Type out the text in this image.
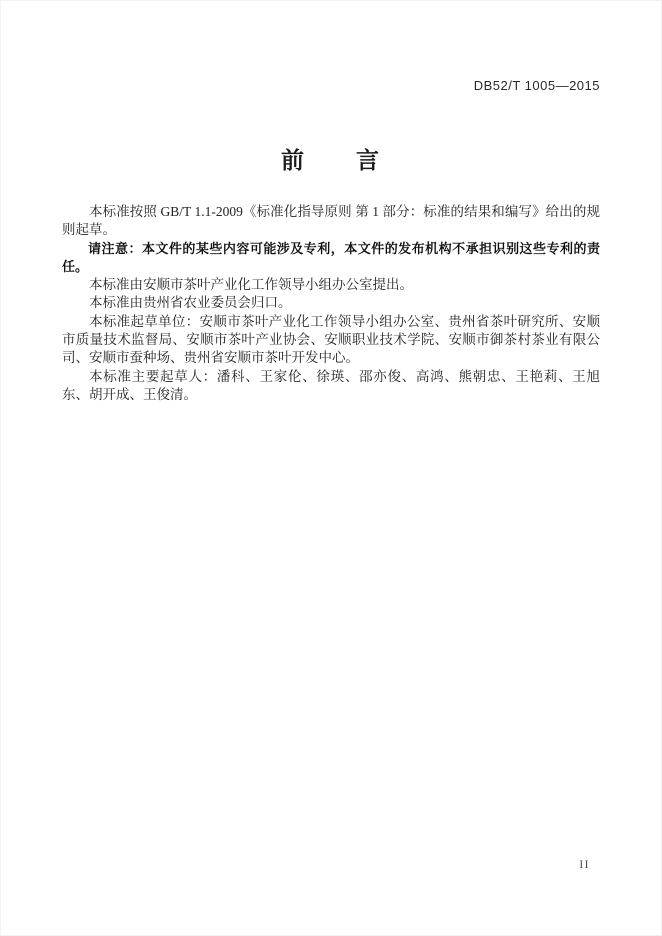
DB52/T 1005—2015
前　　言

本标准按照 GB/T 1.1-2009《标准化指导原则 第 1 部分：标准的结果和编写》给出的规则起草。

请注意：本文件的某些内容可能涉及专利，本文件的发布机构不承担识别这些专利的责任。

本标准由安顺市茶叶产业化工作领导小组办公室提出。

本标准由贵州省农业委员会归口。

本标准起草单位：安顺市茶叶产业化工作领导小组办公室、贵州省茶叶研究所、安顺市质量技术监督局、安顺市茶叶产业协会、安顺职业技术学院、安顺市御茶村茶业有限公司、安顺市蚕种场、贵州省安顺市茶叶开发中心。

本标准主要起草人：潘科、王家伦、徐瑛、邵亦俊、高鸿、熊朝忠、王艳莉、王旭东、胡开成、王俊清。

II
